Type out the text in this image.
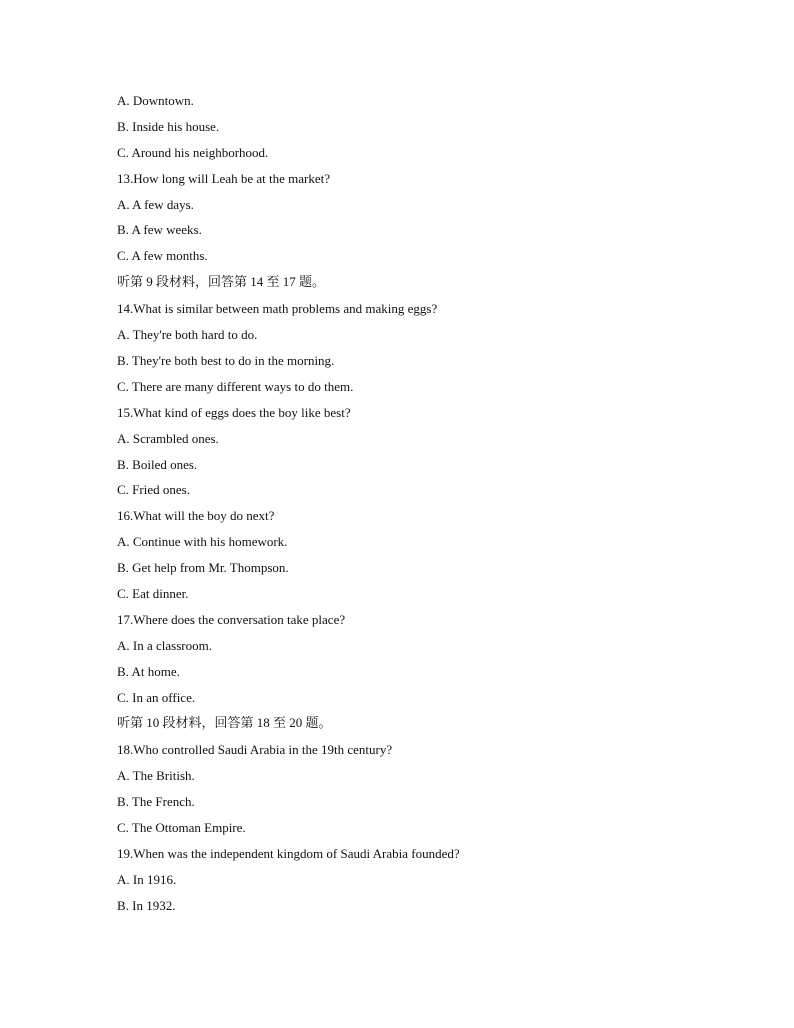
A. Downtown.
B. Inside his house.
C. Around his neighborhood.
13.How long will Leah be at the market?
A. A few days.
B. A few weeks.
C. A few months.
听第 9 段材料，回答第 14 至 17 题。
14.What is similar between math problems and making eggs?
A. They're both hard to do.
B. They're both best to do in the morning.
C. There are many different ways to do them.
15.What kind of eggs does the boy like best?
A. Scrambled ones.
B. Boiled ones.
C. Fried ones.
16.What will the boy do next?
A. Continue with his homework.
B. Get help from Mr. Thompson.
C. Eat dinner.
17.Where does the conversation take place?
A. In a classroom.
B. At home.
C. In an office.
听第 10 段材料，回答第 18 至 20 题。
18.Who controlled Saudi Arabia in the 19th century?
A. The British.
B. The French.
C. The Ottoman Empire.
19.When was the independent kingdom of Saudi Arabia founded?
A. In 1916.
B. In 1932.
